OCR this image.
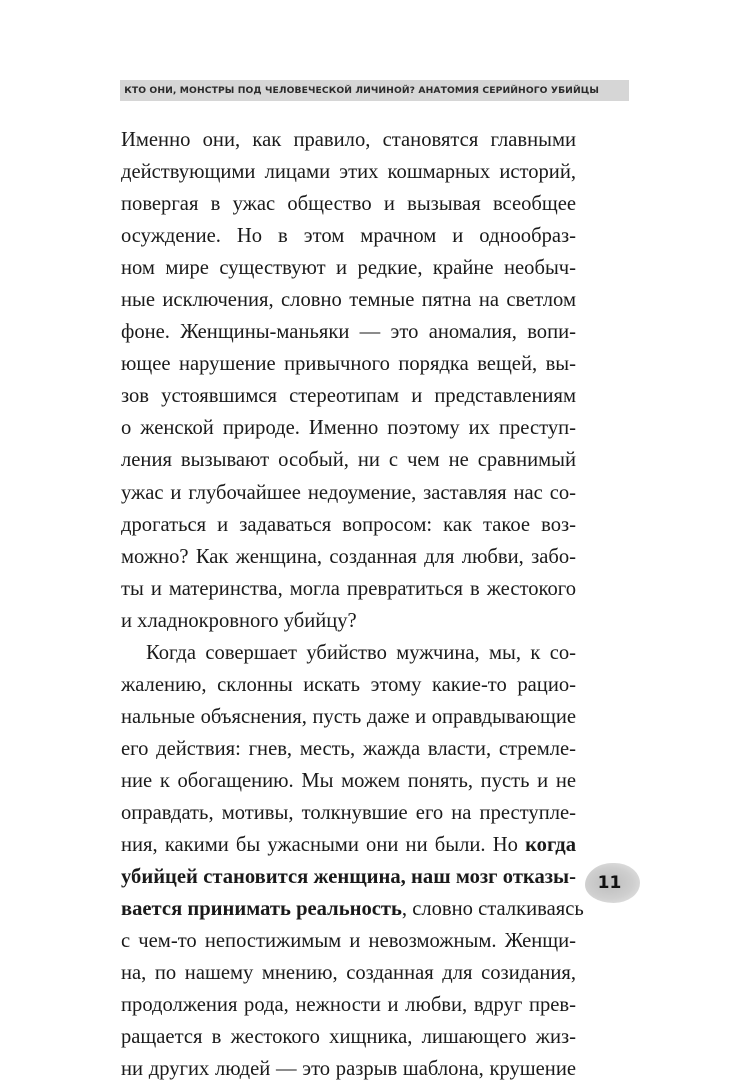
КТО ОНИ, МОНСТРЫ ПОД ЧЕЛОВЕЧЕСКОЙ ЛИЧИНОЙ? АНАТОМИЯ СЕРИЙНОГО УБИЙЦЫ
Именно они, как правило, становятся главными
действующими лицами этих кошмарных историй,
повергая в ужас общество и вызывая всеобщее
осуждение. Но в этом мрачном и однообраз-
ном мире существуют и редкие, крайне необыч-
ные исключения, словно темные пятна на светлом
фоне. Женщины-маньяки — это аномалия, вопи-
ющее нарушение привычного порядка вещей, вы-
зов устоявшимся стереотипам и представлениям
о женской природе. Именно поэтому их преступ-
ления вызывают особый, ни с чем не сравнимый
ужас и глубочайшее недоумение, заставляя нас со-
дрогаться и задаваться вопросом: как такое воз-
можно? Как женщина, созданная для любви, забо-
ты и материнства, могла превратиться в жестокого
и хладнокровного убийцу?
Когда совершает убийство мужчина, мы, к со-
жалению, склонны искать этому какие-то рацио-
нальные объяснения, пусть даже и оправдывающие
его действия: гнев, месть, жажда власти, стремле-
ние к обогащению. Мы можем понять, пусть и не
оправдать, мотивы, толкнувшие его на преступле-
ния, какими бы ужасными они ни были. Но когда
убийцей становится женщина, наш мозг отказы-
вается принимать реальность, словно сталкиваясь
с чем-то непостижимым и невозможным. Женщи-
на, по нашему мнению, созданная для созидания,
продолжения рода, нежности и любви, вдруг прев-
ращается в жестокого хищника, лишающего жиз-
ни других людей — это разрыв шаблона, крушение
11
